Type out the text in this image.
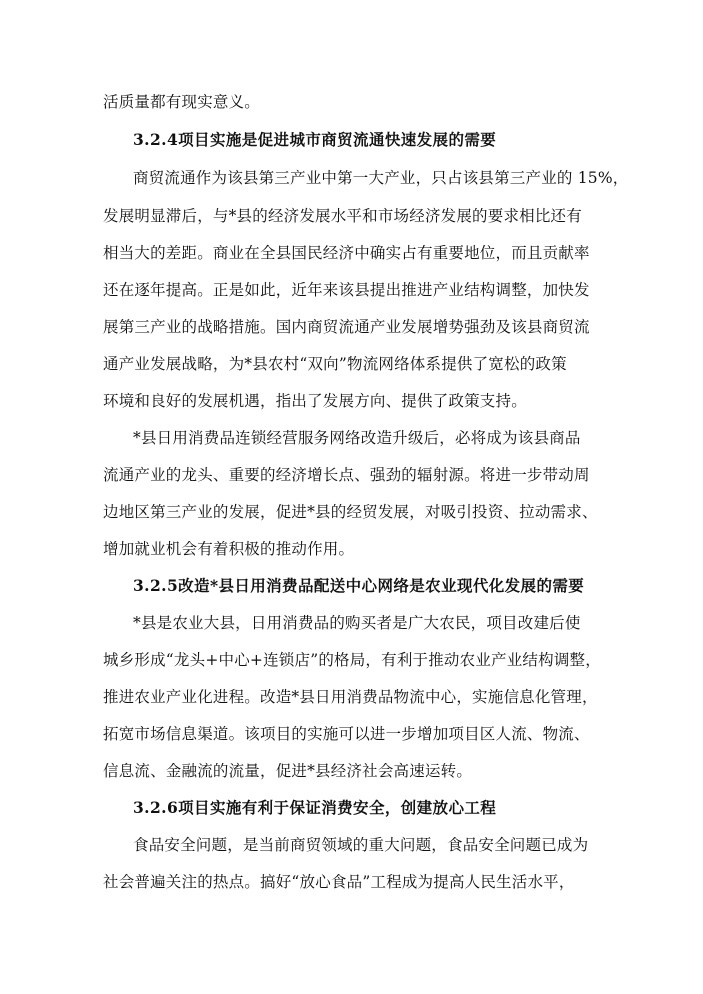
活质量都有现实意义。
3.2.4项目实施是促进城市商贸流通快速发展的需要
商贸流通作为该县第三产业中第一大产业，只占该县第三产业的 15%，
发展明显滞后，与*县的经济发展水平和市场经济发展的要求相比还有
相当大的差距。商业在全县国民经济中确实占有重要地位，而且贡献率
还在逐年提高。正是如此，近年来该县提出推进产业结构调整，加快发
展第三产业的战略措施。国内商贸流通产业发展增势强劲及该县商贸流
通产业发展战略，为*县农村“双向”物流网络体系提供了宽松的政策
环境和良好的发展机遇，指出了发展方向、提供了政策支持。
*县日用消费品连锁经营服务网络改造升级后，必将成为该县商品
流通产业的龙头、重要的经济增长点、强劲的辐射源。将进一步带动周
边地区第三产业的发展，促进*县的经贸发展，对吸引投资、拉动需求、
增加就业机会有着积极的推动作用。
3.2.5改造*县日用消费品配送中心网络是农业现代化发展的需要
*县是农业大县，日用消费品的购买者是广大农民，项目改建后使
城乡形成“龙头+中心+连锁店”的格局，有利于推动农业产业结构调整，
推进农业产业化进程。改造*县日用消费品物流中心，实施信息化管理，
拓宽市场信息渠道。该项目的实施可以进一步增加项目区人流、物流、
信息流、金融流的流量，促进*县经济社会高速运转。
3.2.6项目实施有利于保证消费安全，创建放心工程
食品安全问题，是当前商贸领域的重大问题，食品安全问题已成为
社会普遍关注的热点。搞好“放心食品”工程成为提高人民生活水平，
